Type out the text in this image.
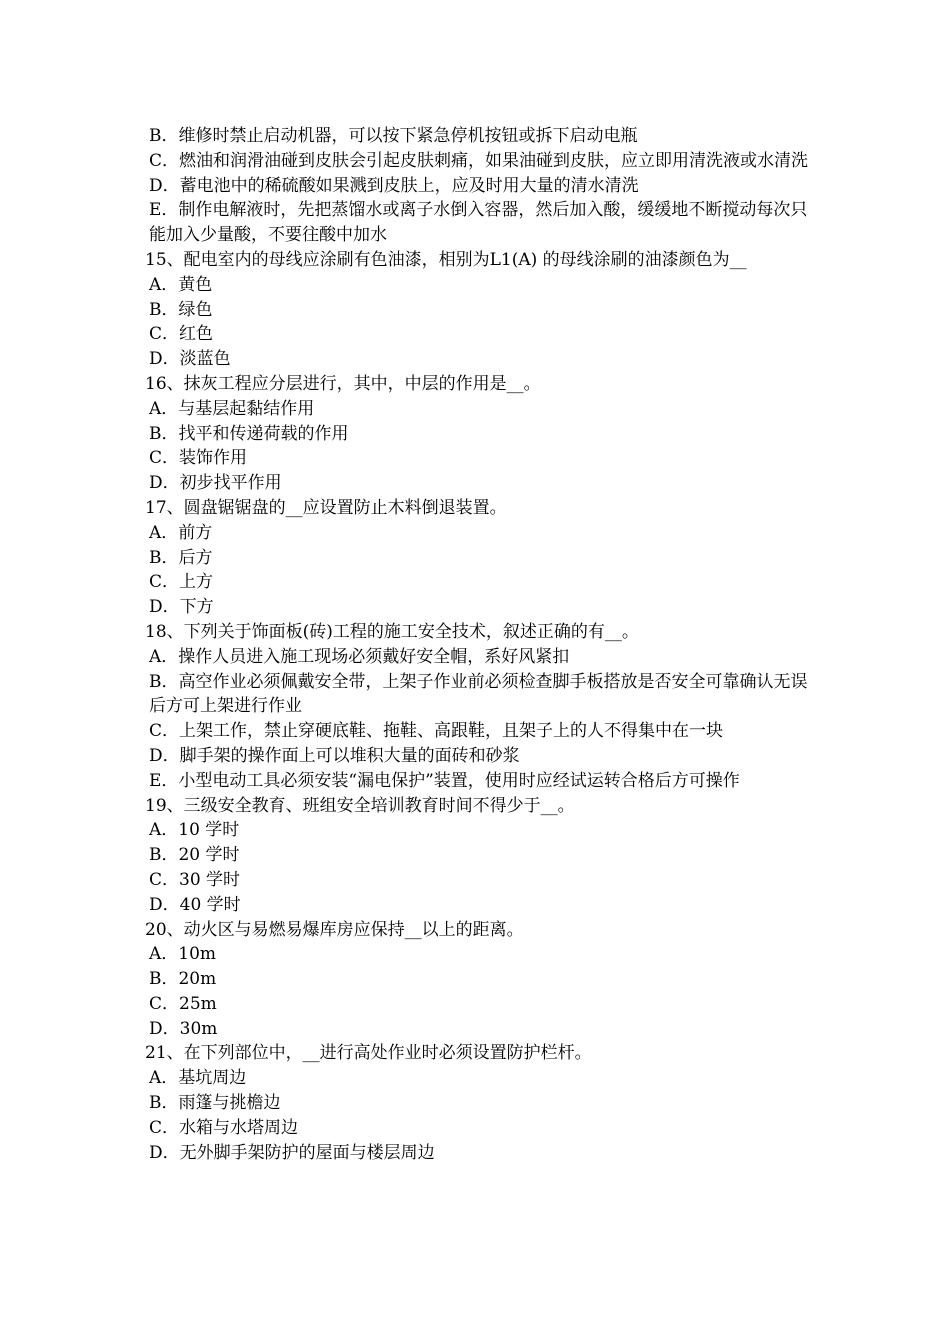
B．维修时禁止启动机器，可以按下紧急停机按钮或拆下启动电瓶

C．燃油和润滑油碰到皮肤会引起皮肤刺痛，如果油碰到皮肤，应立即用清洗液或水清洗

D．蓄电池中的稀硫酸如果溅到皮肤上，应及时用大量的清水清洗

E．制作电解液时，先把蒸馏水或离子水倒入容器，然后加入酸，缓缓地不断搅动每次只能加入少量酸，不要往酸中加水

15、配电室内的母线应涂刷有色油漆，相别为L1(A) 的母线涂刷的油漆颜色为__

A．黄色

B．绿色

C．红色

D．淡蓝色

16、抹灰工程应分层进行，其中，中层的作用是__。

A．与基层起黏结作用

B．找平和传递荷载的作用

C．装饰作用

D．初步找平作用

17、圆盘锯锯盘的__应设置防止木料倒退装置。

A．前方

B．后方

C．上方

D．下方

18、下列关于饰面板(砖)工程的施工安全技术，叙述正确的有__。

A．操作人员进入施工现场必须戴好安全帽，系好风紧扣

B．高空作业必须佩戴安全带，上架子作业前必须检查脚手板搭放是否安全可靠确认无误后方可上架进行作业

C．上架工作，禁止穿硬底鞋、拖鞋、高跟鞋，且架子上的人不得集中在一块

D．脚手架的操作面上可以堆积大量的面砖和砂浆

E．小型电动工具必须安装“漏电保护”装置，使用时应经试运转合格后方可操作

19、三级安全教育、班组安全培训教育时间不得少于__。

A．10 学时

B．20 学时

C．30 学时

D．40 学时

20、动火区与易燃易爆库房应保持__以上的距离。

A．10m

B．20m

C．25m

D．30m

21、在下列部位中，__进行高处作业时必须设置防护栏杆。

A．基坑周边

B．雨篷与挑檐边

C．水箱与水塔周边

D．无外脚手架防护的屋面与楼层周边
